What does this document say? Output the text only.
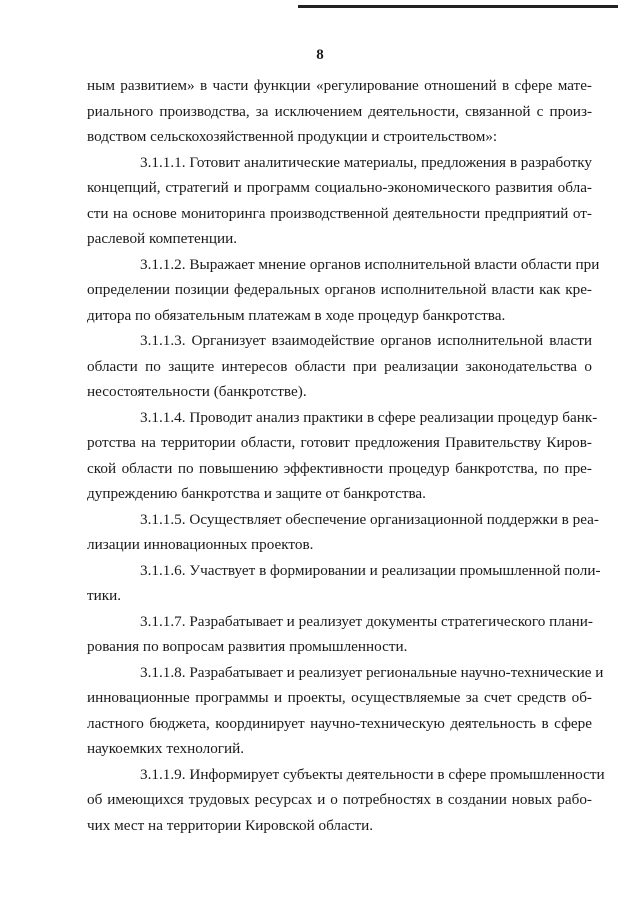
8

ным развитием» в части функции «регулирование отношений в сфере мате-
риального производства, за исключением деятельности, связанной с произ-
водством сельскохозяйственной продукции и строительством»:

3.1.1.1. Готовит аналитические материалы, предложения в разработку
концепций, стратегий и программ социально-экономического развития обла-
сти на основе мониторинга производственной деятельности предприятий от-
раслевой компетенции.

3.1.1.2. Выражает мнение органов исполнительной власти области при
определении позиции федеральных органов исполнительной власти как кре-
дитора по обязательным платежам в ходе процедур банкротства.

3.1.1.3. Организует взаимодействие органов исполнительной власти
области по защите интересов области при реализации законодательства о
несостоятельности (банкротстве).

3.1.1.4. Проводит анализ практики в сфере реализации процедур банк-
ротства на территории области, готовит предложения Правительству Киров-
ской области по повышению эффективности процедур банкротства, по пре-
дупреждению банкротства и защите от банкротства.

3.1.1.5. Осуществляет обеспечение организационной поддержки в реа-
лизации инновационных проектов.

3.1.1.6. Участвует в формировании и реализации промышленной поли-
тики.

3.1.1.7. Разрабатывает и реализует документы стратегического плани-
рования по вопросам развития промышленности.

3.1.1.8. Разрабатывает и реализует региональные научно-технические и
инновационные программы и проекты, осуществляемые за счет средств об-
ластного бюджета, координирует научно-техническую деятельность в сфере
наукоемких технологий.

3.1.1.9. Информирует субъекты деятельности в сфере промышленности
об имеющихся трудовых ресурсах и о потребностях в создании новых рабо-
чих мест на территории Кировской области.
